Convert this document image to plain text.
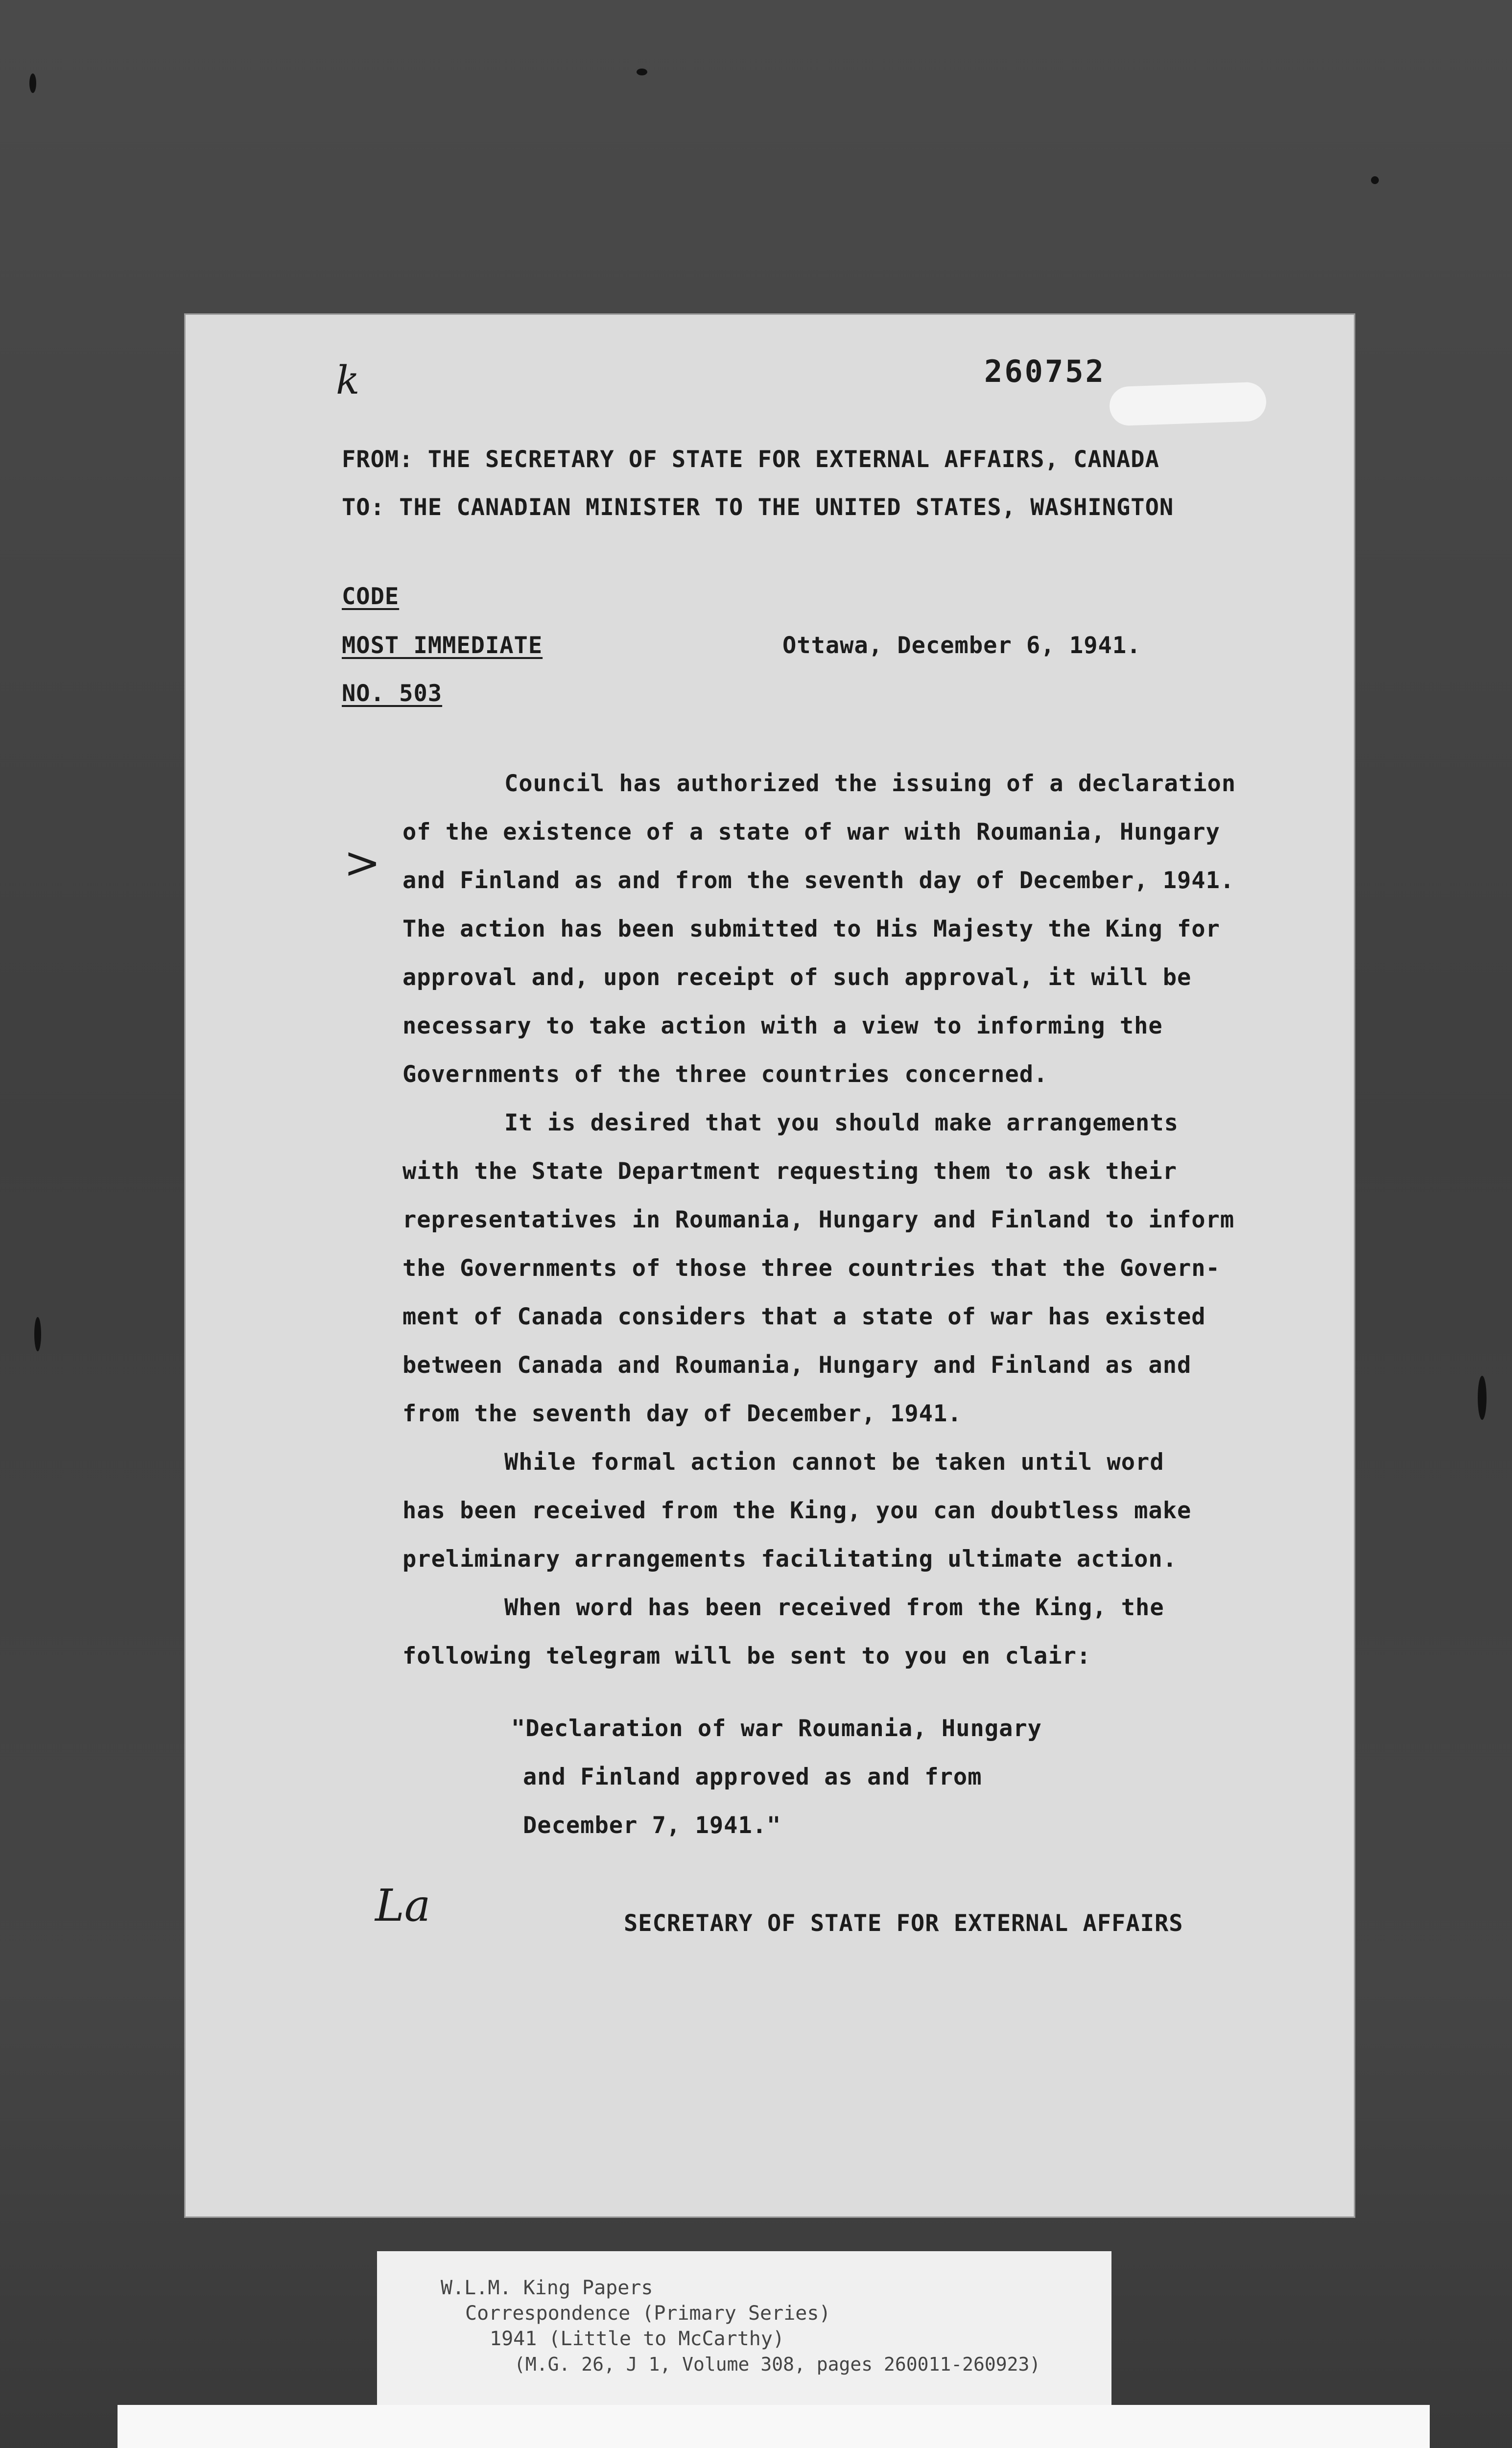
260752
k
FROM: THE SECRETARY OF STATE FOR EXTERNAL AFFAIRS, CANADA
TO: THE CANADIAN MINISTER TO THE UNITED STATES, WASHINGTON
CODE
MOST IMMEDIATE	Ottawa, December 6, 1941.
NO. 503
>
Council has authorized the issuing of a declaration
of the existence of a state of war with Roumania, Hungary
and Finland as and from the seventh day of December, 1941.
The action has been submitted to His Majesty the King for
approval and, upon receipt of such approval, it will be
necessary to take action with a view to informing the
Governments of the three countries concerned.
It is desired that you should make arrangements
with the State Department requesting them to ask their
representatives in Roumania, Hungary and Finland to inform
the Governments of those three countries that the Govern-
ment of Canada considers that a state of war has existed
between Canada and Roumania, Hungary and Finland as and
from the seventh day of December, 1941.
While formal action cannot be taken until word
has been received from the King, you can doubtless make
preliminary arrangements facilitating ultimate action.
When word has been received from the King, the
following telegram will be sent to you en clair:
"Declaration of war Roumania, Hungary
and Finland approved as and from
December 7, 1941."
La	SECRETARY OF STATE FOR EXTERNAL AFFAIRS
W.L.M. King Papers
Correspondence (Primary Series)
1941 (Little to McCarthy)
(M.G. 26, J 1, Volume 308, pages 260011-260923)
